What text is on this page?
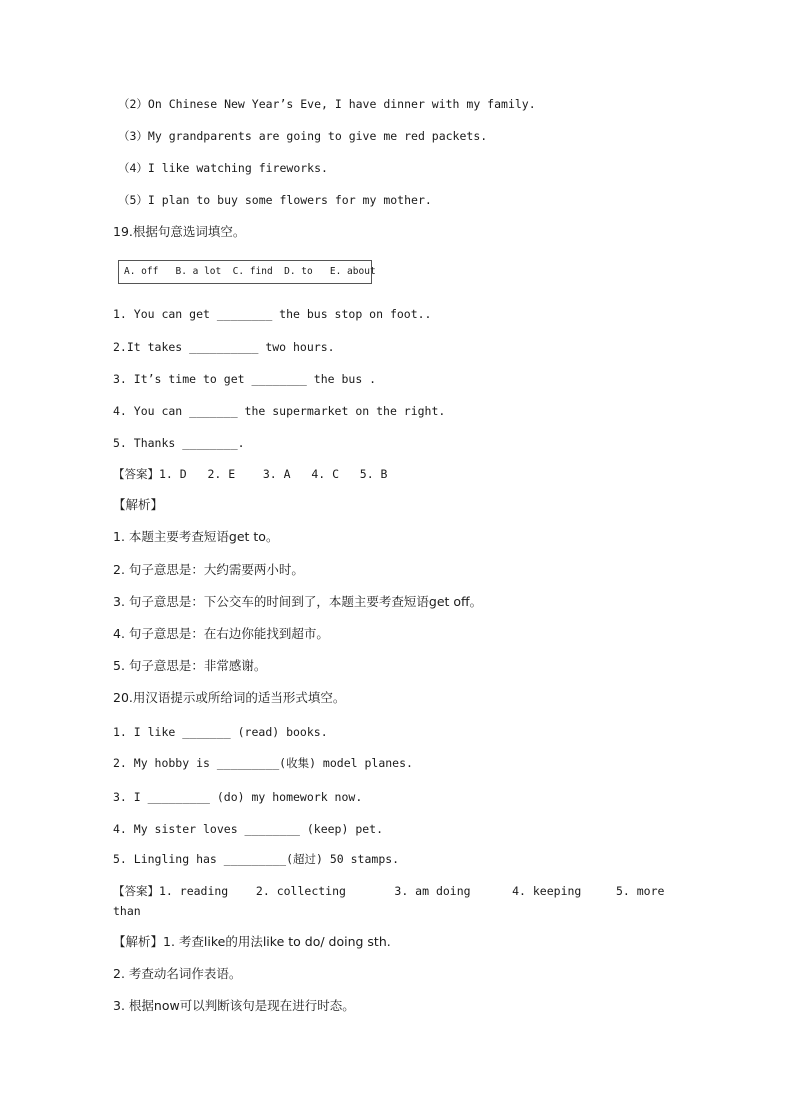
（2）On Chinese New Year’s Eve, I have dinner with my family.
（3）My grandparents are going to give me red packets.
（4）I like watching fireworks.
（5）I plan to buy some flowers for my mother.
19.根据句意选词填空。
A. off   B. a lot  C. find  D. to   E. about
1. You can get ________ the bus stop on foot..
2.It takes __________ two hours.
3. It’s time to get ________ the bus .
4. You can _______ the supermarket on the right.
5. Thanks ________.
【答案】1. D   2. E    3. A   4. C   5. B
【解析】
1. 本题主要考查短语get to。
2. 句子意思是：大约需要两小时。
3. 句子意思是：下公交车的时间到了，本题主要考查短语get off。
4. 句子意思是：在右边你能找到超市。
5. 句子意思是：非常感谢。
20.用汉语提示或所给词的适当形式填空。
1. I like _______ (read) books.
2. My hobby is _________(收集) model planes.
3. I _________ (do) my homework now.
4. My sister loves ________ (keep) pet.
5. Lingling has _________(超过) 50 stamps.
【答案】1. reading    2. collecting       3. am doing      4. keeping     5. more
than
【解析】1. 考查like的用法like to do/ doing sth.
2. 考查动名词作表语。
3. 根据now可以判断该句是现在进行时态。
